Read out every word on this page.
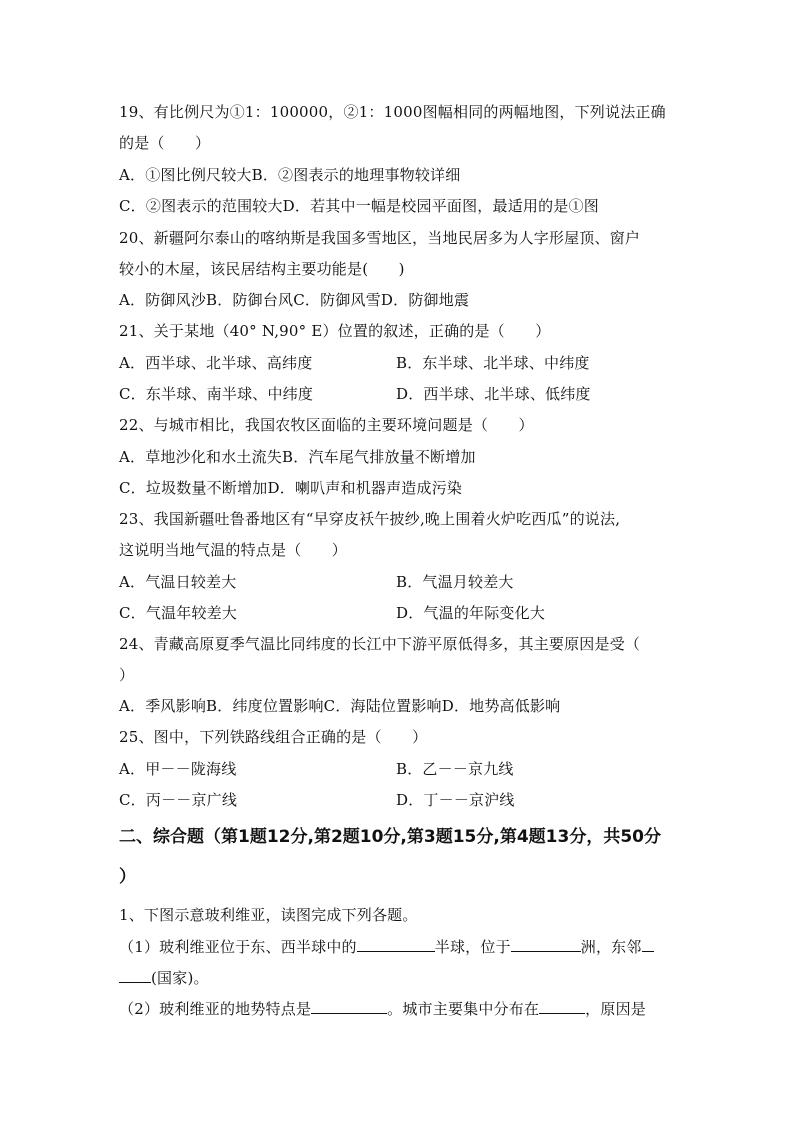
19、有比例尺为①1：100000，②1：1000图幅相同的两幅地图，下列说法正确
的是（　　）
A．①图比例尺较大B．②图表示的地理事物较详细
C．②图表示的范围较大D．若其中一幅是校园平面图，最适用的是①图
20、新疆阿尔泰山的喀纳斯是我国多雪地区，当地民居多为人字形屋顶、窗户
较小的木屋，该民居结构主要功能是(　　)
A．防御风沙B．防御台风C．防御风雪D．防御地震
21、关于某地（40° N,90° E）位置的叙述，正确的是（　　）
A．西半球、北半球、高纬度	B．东半球、北半球、中纬度
C．东半球、南半球、中纬度	D．西半球、北半球、低纬度
22、与城市相比，我国农牧区面临的主要环境问题是（　　）
A．草地沙化和水土流失B．汽车尾气排放量不断增加
C．垃圾数量不断增加D．喇叭声和机器声造成污染
23、我国新疆吐鲁番地区有“早穿皮袄午披纱,晚上围着火炉吃西瓜”的说法,
这说明当地气温的特点是（　　）
A．气温日较差大	B．气温月较差大
C．气温年较差大	D．气温的年际变化大
24、青藏高原夏季气温比同纬度的长江中下游平原低得多，其主要原因是受（
）
A．季风影响B．纬度位置影响C．海陆位置影响D．地势高低影响
25、图中，下列铁路线组合正确的是（　　）
A．甲－－陇海线	B．乙－－京九线
C．丙－－京广线	D．丁－－京沪线
二、综合题（第1题12分,第2题10分,第3题15分,第4题13分，共50分
）
1、下图示意玻利维亚，读图完成下列各题。
（1）玻利维亚位于东、西半球中的	半球，位于	洲，东邻
(国家)。
（2）玻利维亚的地势特点是	。城市主要集中分布在	，原因是
